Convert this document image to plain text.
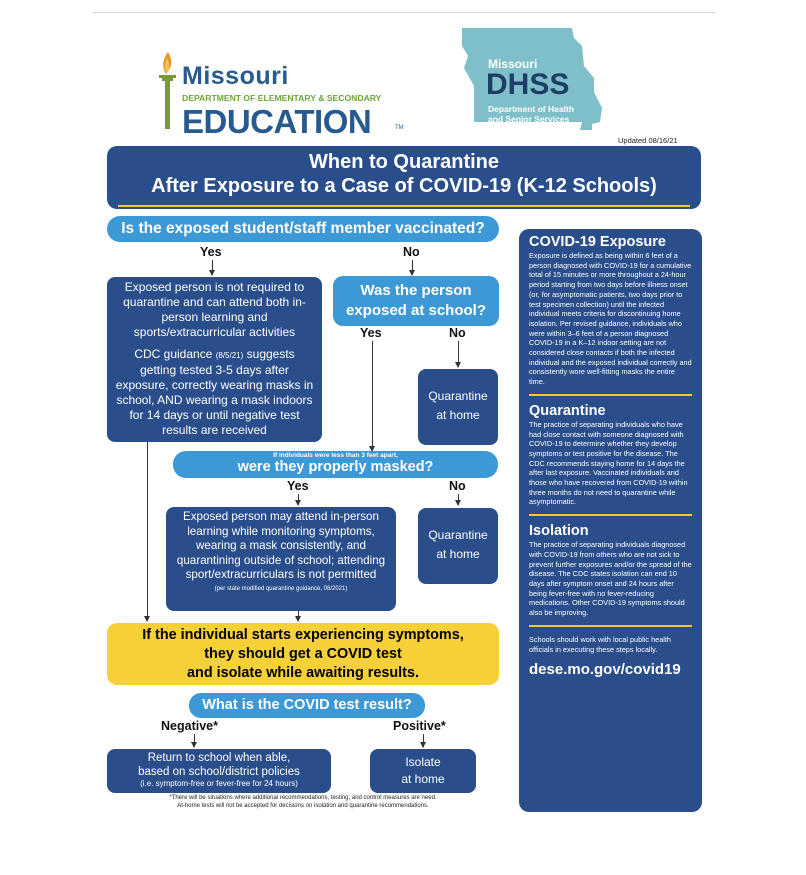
Missouri
DEPARTMENT OF ELEMENTARY & SECONDARY
EDUCATION	TM
Missouri
DHSS
Department of Health
and Senior Services
Updated 08/16/21
When to Quarantine
After Exposure to a Case of COVID-19 (K-12 Schools)
Is the exposed student/staff member vaccinated?
Yes	No
Exposed person is not required to quarantine and can attend both in-person learning and sports/extracurricular activities
CDC guidance (8/5/21) suggests getting tested 3-5 days after exposure, correctly wearing masks in school, AND wearing a mask indoors for 14 days or until negative test results are received
Was the person
exposed at school?
Yes	No
Quarantine
at home
If individuals were less than 3 feet apart,
were they properly masked?
Yes	No
Exposed person may attend in-person learning while monitoring symptoms, wearing a mask consistently, and quarantining outside of school; attending sport/extracurriculars is not permitted
(per state modified quarantine guidance, 08/2021)
Quarantine
at home
If the individual starts experiencing symptoms,
they should get a COVID test
and isolate while awaiting results.
What is the COVID test result?
Negative*	Positive*
Return to school when able,
based on school/district policies
(i.e. symptom-free or fever-free for 24 hours)
Isolate
at home
*There will be situations where additional recommendations, testing, and control measures are need.
At-home tests will not be accepted for decisions on isolation and quarantine recommendations.
COVID-19 Exposure
Exposure is defined as being within 6 feet of a person diagnosed with COVID-19 for a cumulative total of 15 minutes or more throughout a 24-hour period starting from two days before illness onset (or, for asymptomatic patients, two days prior to test specimen collection) until the infected individual meets criteria for discontinuing home isolation. Per revised guidance, individuals who were within 3–6 feet of a person diagnosed COVID-19 in a K–12 indoor setting are not considered close contacts if both the infected individual and the exposed individual correctly and consistently wore well-fitting masks the entire time.
Quarantine
The practice of separating individuals who have had close contact with someone diagnosed with COVID-19 to determine whether they develop symptoms or test positive for the disease. The CDC recommends staying home for 14 days the after last exposure. Vaccinated individuals and those who have recovered from COVID-19 within three months do not need to quarantine while asymptomatic.
Isolation
The practice of separating individuals diagnosed with COVID-19 from others who are not sick to prevent further exposures and/or the spread of the disease. The CDC states isolation can end 10 days after symptom onset and 24 hours after being fever-free with no fever-reducing medications. Other COVID-19 symptoms should also be improving.
Schools should work with local public health officials in executing these steps locally.
dese.mo.gov/covid19
